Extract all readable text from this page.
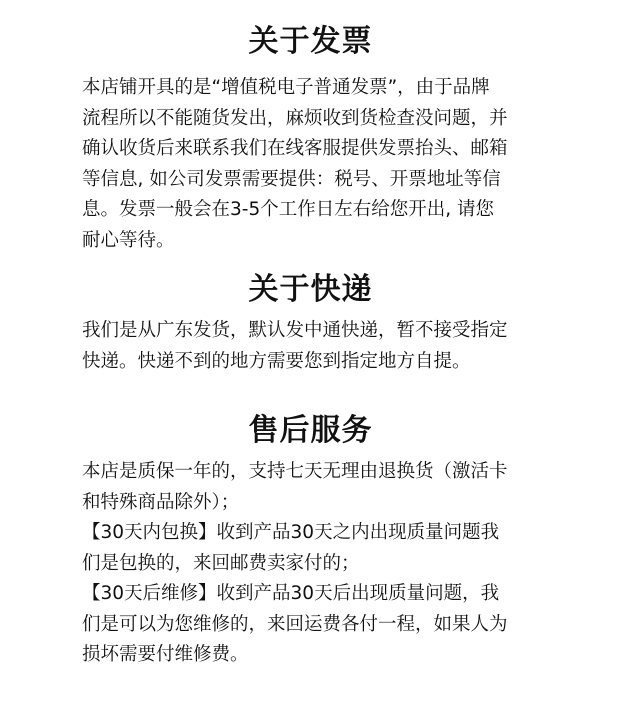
关于发票
本店铺开具的是“增值税电子普通发票”，由于品牌
流程所以不能随货发出，麻烦收到货检查没问题，并
确认收货后来联系我们在线客服提供发票抬头、邮箱
等信息, 如公司发票需要提供：税号、开票地址等信
息。发票一般会在3-5个工作日左右给您开出, 请您
耐心等待。
关于快递
我们是从广东发货，默认发中通快递，暂不接受指定
快递。快递不到的地方需要您到指定地方自提。
售后服务
本店是质保一年的，支持七天无理由退换货（激活卡
和特殊商品除外）；
【30天内包换】收到产品30天之内出现质量问题我
们是包换的，来回邮费卖家付的；
【30天后维修】收到产品30天后出现质量问题，我
们是可以为您维修的，来回运费各付一程，如果人为
损坏需要付维修费。
